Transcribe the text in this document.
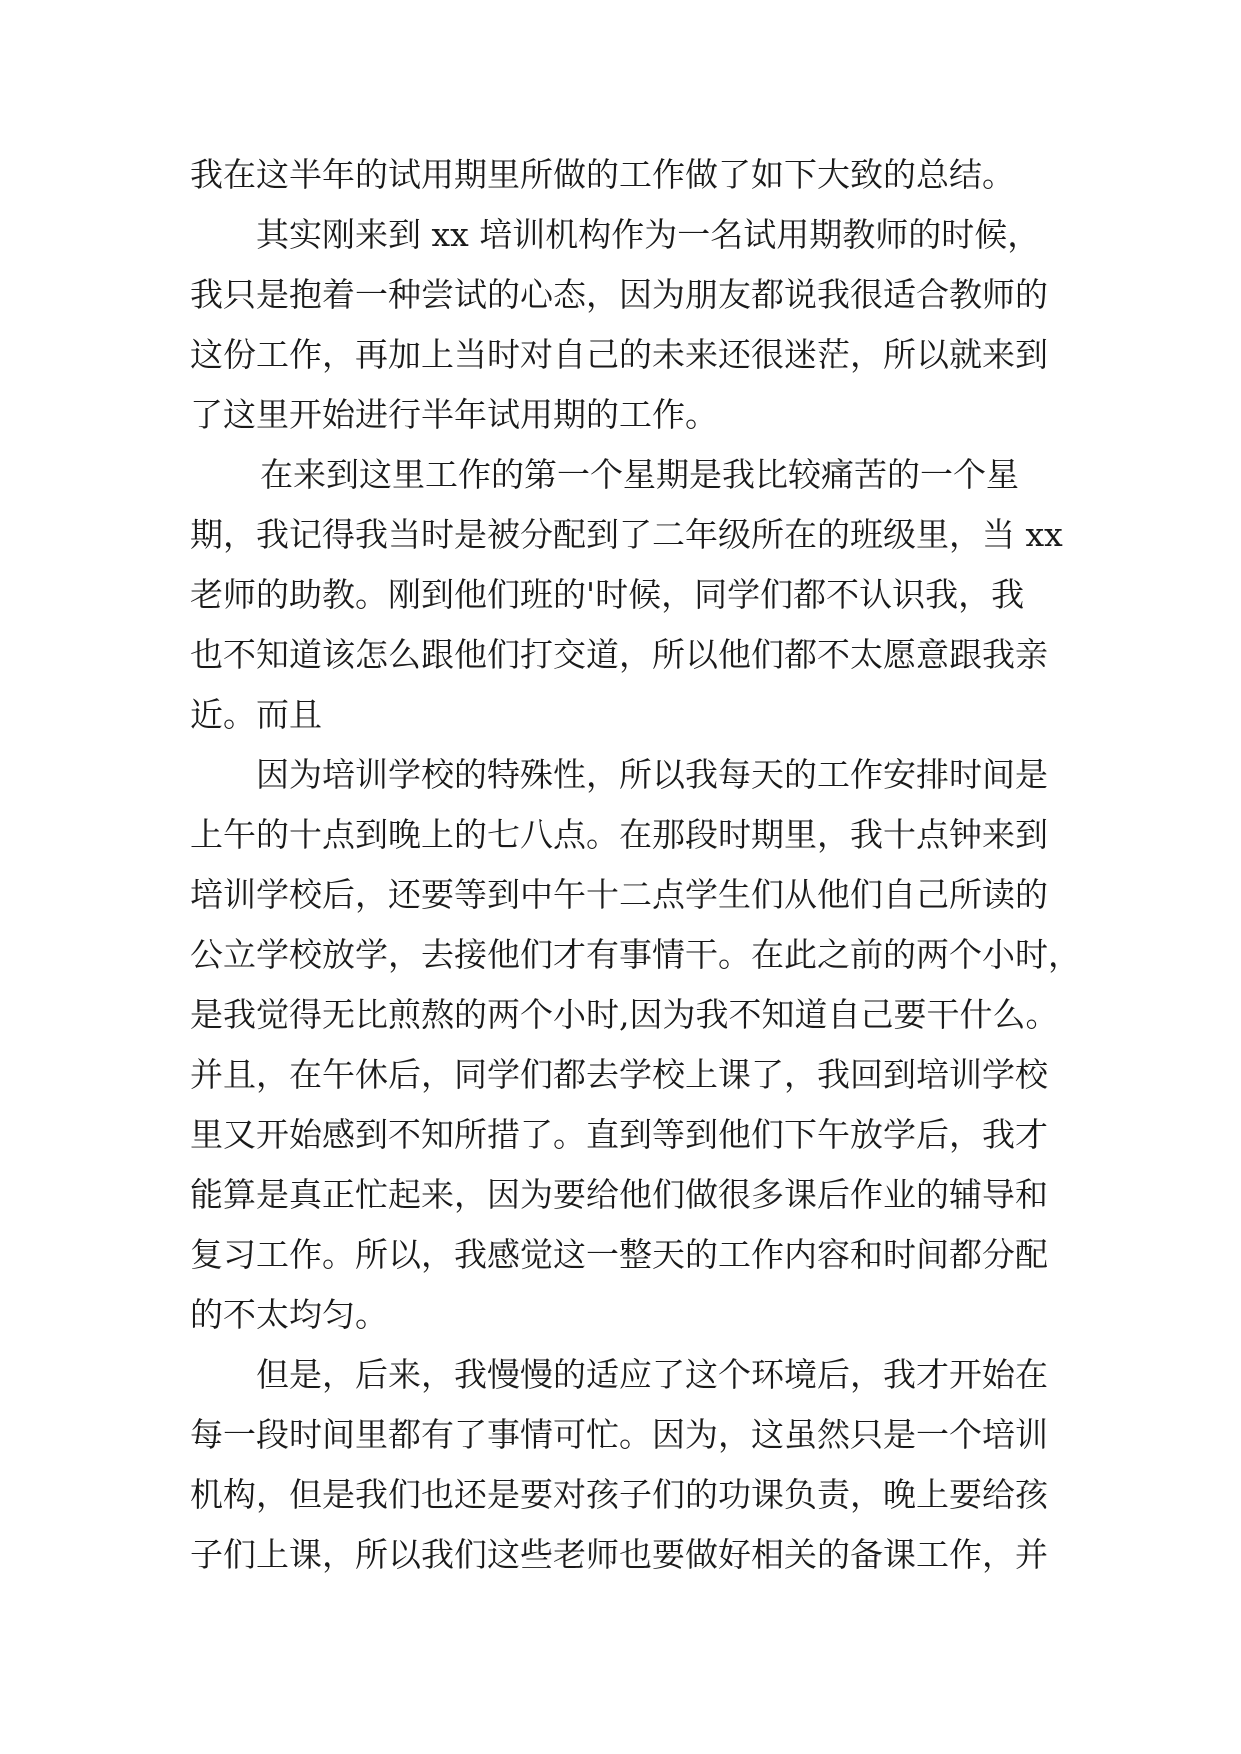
我在这半年的试用期里所做的工作做了如下大致的总结。
其实刚来到 xx 培训机构作为一名试用期教师的时候，
我只是抱着一种尝试的心态，因为朋友都说我很适合教师的
这份工作，再加上当时对自己的未来还很迷茫，所以就来到
了这里开始进行半年试用期的工作。
在来到这里工作的第一个星期是我比较痛苦的一个星
期，我记得我当时是被分配到了二年级所在的班级里，当 xx
老师的助教。刚到他们班的'时候，同学们都不认识我，我
也不知道该怎么跟他们打交道，所以他们都不太愿意跟我亲
近。而且
因为培训学校的特殊性，所以我每天的工作安排时间是
上午的十点到晚上的七八点。在那段时期里，我十点钟来到
培训学校后，还要等到中午十二点学生们从他们自己所读的
公立学校放学，去接他们才有事情干。在此之前的两个小时，
是我觉得无比煎熬的两个小时,因为我不知道自己要干什么。
并且，在午休后，同学们都去学校上课了，我回到培训学校
里又开始感到不知所措了。直到等到他们下午放学后，我才
能算是真正忙起来，因为要给他们做很多课后作业的辅导和
复习工作。所以，我感觉这一整天的工作内容和时间都分配
的不太均匀。
但是，后来，我慢慢的适应了这个环境后，我才开始在
每一段时间里都有了事情可忙。因为，这虽然只是一个培训
机构，但是我们也还是要对孩子们的功课负责，晚上要给孩
子们上课，所以我们这些老师也要做好相关的备课工作，并
